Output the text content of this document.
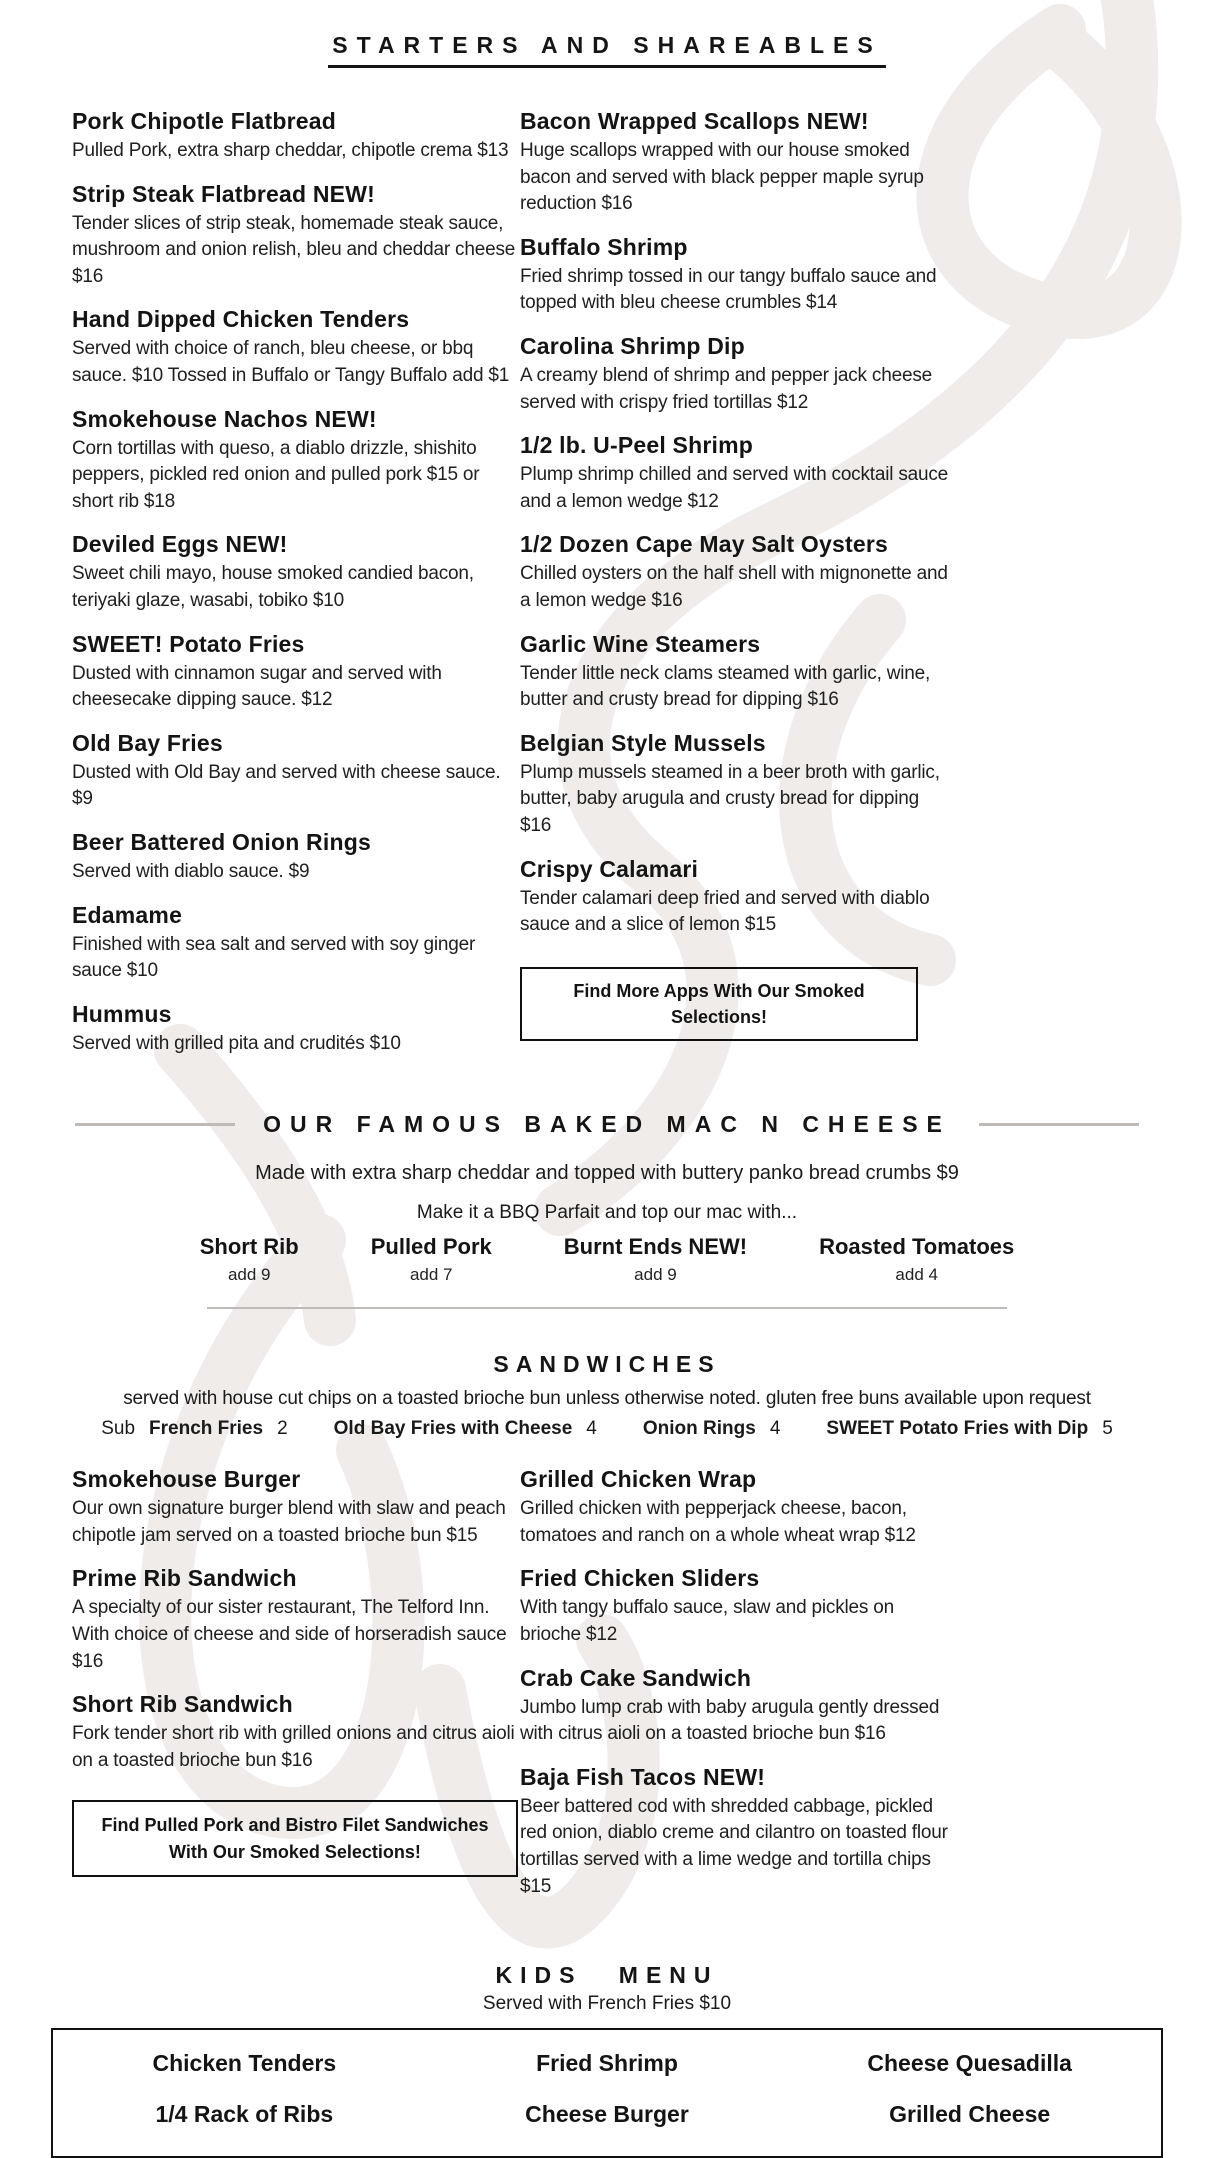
STARTERS AND SHAREABLES
Pork Chipotle Flatbread

Pulled Pork, extra sharp cheddar, chipotle crema $13

Strip Steak Flatbread NEW!

Tender slices of strip steak, homemade steak sauce, mushroom and onion relish, bleu and cheddar cheese $16

Hand Dipped Chicken Tenders

Served with choice of ranch, bleu cheese, or bbq sauce. $10 Tossed in Buffalo or Tangy Buffalo add $1

Smokehouse Nachos NEW!

Corn tortillas with queso, a diablo drizzle, shishito peppers, pickled red onion and pulled pork $15 or short rib $18

Deviled Eggs NEW!

Sweet chili mayo, house smoked candied bacon, teriyaki glaze, wasabi, tobiko $10

SWEET! Potato Fries

Dusted with cinnamon sugar and served with cheesecake dipping sauce. $12

Old Bay Fries

Dusted with Old Bay and served with cheese sauce. $9

Beer Battered Onion Rings

Served with diablo sauce. $9

Edamame

Finished with sea salt and served with soy ginger sauce $10

Hummus

Served with grilled pita and crudités $10

Bacon Wrapped Scallops NEW!

Huge scallops wrapped with our house smoked bacon and served with black pepper maple syrup reduction $16

Buffalo Shrimp

Fried shrimp tossed in our tangy buffalo sauce and topped with bleu cheese crumbles $14

Carolina Shrimp Dip

A creamy blend of shrimp and pepper jack cheese served with crispy fried tortillas $12

1/2 lb. U-Peel Shrimp

Plump shrimp chilled and served with cocktail sauce and a lemon wedge $12

1/2 Dozen Cape May Salt Oysters

Chilled oysters on the half shell with mignonette and a lemon wedge $16

Garlic Wine Steamers

Tender little neck clams steamed with garlic, wine, butter and crusty bread for dipping $16

Belgian Style Mussels

Plump mussels steamed in a beer broth with garlic, butter, baby arugula and crusty bread for dipping $16

Crispy Calamari

Tender calamari deep fried and served with diablo sauce and a slice of lemon $15

Find More Apps With Our Smoked Selections!
OUR FAMOUS BAKED MAC N CHEESE
Made with extra sharp cheddar and topped with buttery panko bread crumbs $9
Make it a BBQ Parfait and top our mac with...
Short Rib
add 9
Pulled Pork
add 7
Burnt Ends NEW!
add 9
Roasted Tomatoes
add 4
SANDWICHES
served with house cut chips on a toasted brioche bun unless otherwise noted. gluten free buns available upon request
Sub French Fries 2 Old Bay Fries with Cheese 4 Onion Rings 4 SWEET Potato Fries with Dip 5
Smokehouse Burger

Our own signature burger blend with slaw and peach chipotle jam served on a toasted brioche bun $15

Prime Rib Sandwich

A specialty of our sister restaurant, The Telford Inn. With choice of cheese and side of horseradish sauce $16

Short Rib Sandwich

Fork tender short rib with grilled onions and citrus aioli on a toasted brioche bun $16

Find Pulled Pork and Bistro Filet Sandwiches
With Our Smoked Selections!
Grilled Chicken Wrap

Grilled chicken with pepperjack cheese, bacon, tomatoes and ranch on a whole wheat wrap $12

Fried Chicken Sliders

With tangy buffalo sauce, slaw and pickles on brioche $12

Crab Cake Sandwich

Jumbo lump crab with baby arugula gently dressed with citrus aioli on a toasted brioche bun $16

Baja Fish Tacos NEW!

Beer battered cod with shredded cabbage, pickled red onion, diablo creme and cilantro on toasted flour tortillas served with a lime wedge and tortilla chips $15

KIDS MENU
Served with French Fries $10
Chicken Tenders	Fried Shrimp	Cheese Quesadilla
1/4 Rack of Ribs	Cheese Burger	Grilled Cheese
